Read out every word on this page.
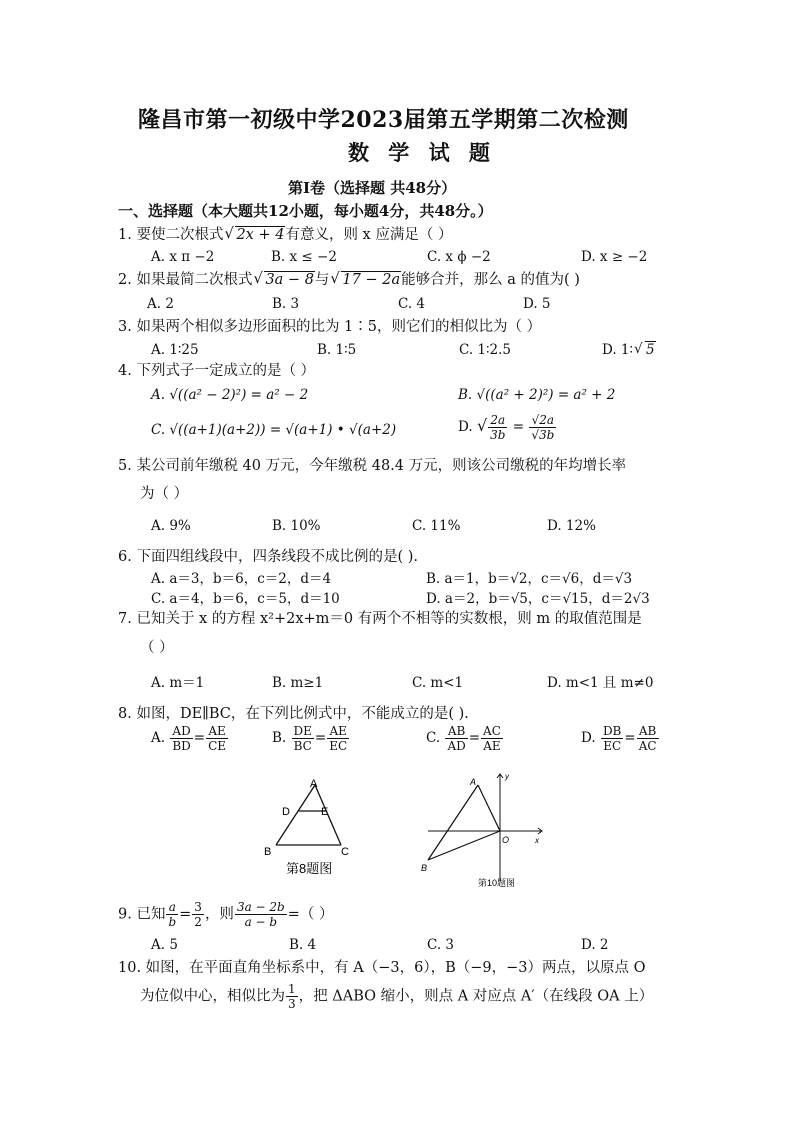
隆昌市第一初级中学2023届第五学期第二次检测
数 学 试 题
第Ⅰ卷（选择题 共48分）
一、选择题（本大题共12小题，每小题4分，共48分。）
1. 要使二次根式 √ 2x + 4有意义，则 x 应满足（ ）
A. x π −2	B. x ≤ −2	C. x ϕ −2	D. x ≥ −2
2. 如果最简二次根式 √ 3a − 8与 √ 17 − 2a能够合并，那么 a 的值为( )
A. 2	B. 3	C. 4	D. 5
3. 如果两个相似多边形面积的比为 1∶5，则它们的相似比为（ ）
A. 1∶25	B. 1∶5	C. 1∶2.5	D. 1∶ √ 5
4. 下列式子一定成立的是（ ）
A. √((a² − 2)²) = a² − 2	B. √((a² + 2)²) = a² + 2
C. √((a+1)(a+2)) = √(a+1) • √(a+2)	D. √ $\frac{2a}{3b} = \frac{√2a}{√3b}$
5. 某公司前年缴税 40 万元，今年缴税 48.4 万元，则该公司缴税的年均增长率
为（ ）
A. 9%	B. 10%	C. 11%	D. 12%
6. 下面四组线段中，四条线段不成比例的是( ).
A. a＝3，b＝6，c＝2，d＝4	B. a＝1，b＝√2，c＝√6，d＝√3
C. a＝4，b＝6，c＝5，d＝10	D. a＝2，b＝√5，c＝√15，d＝2√3
7. 已知关于 x 的方程 x²+2x+m＝0 有两个不相等的实数根，则 m 的取值范围是
（ ）
A. m＝1	B. m≥1	C. m<1	D. m<1 且 m≠0
8. 如图，DE∥BC，在下列比例式中，不能成立的是( ).
A. $\frac{AD}{BD} = \frac{AE}{CE}$	B. $\frac{DE}{BC} = \frac{AE}{EC}$	C. $\frac{AB}{AD} = \frac{AC}{AE}$	D. $\frac{DB}{EC} = \frac{AB}{AC}$
A
D	E
B	C
第8题图
A
B
O	x
y
第10题图
9. 已知 $\frac{a}{b} = \frac{3}{2}$ ，则 $\frac{3a - 2b}{a - b}$ =（ ）
A. 5	B. 4	C. 3	D. 2
10. 如图，在平面直角坐标系中，有 A（−3，6），B（−9，−3）两点，以原点 O
为位似中心，相似比为 $\frac{1}{3}$ ，把 ΔABO 缩小，则点 A 对应点 A′（在线段 OA 上）
